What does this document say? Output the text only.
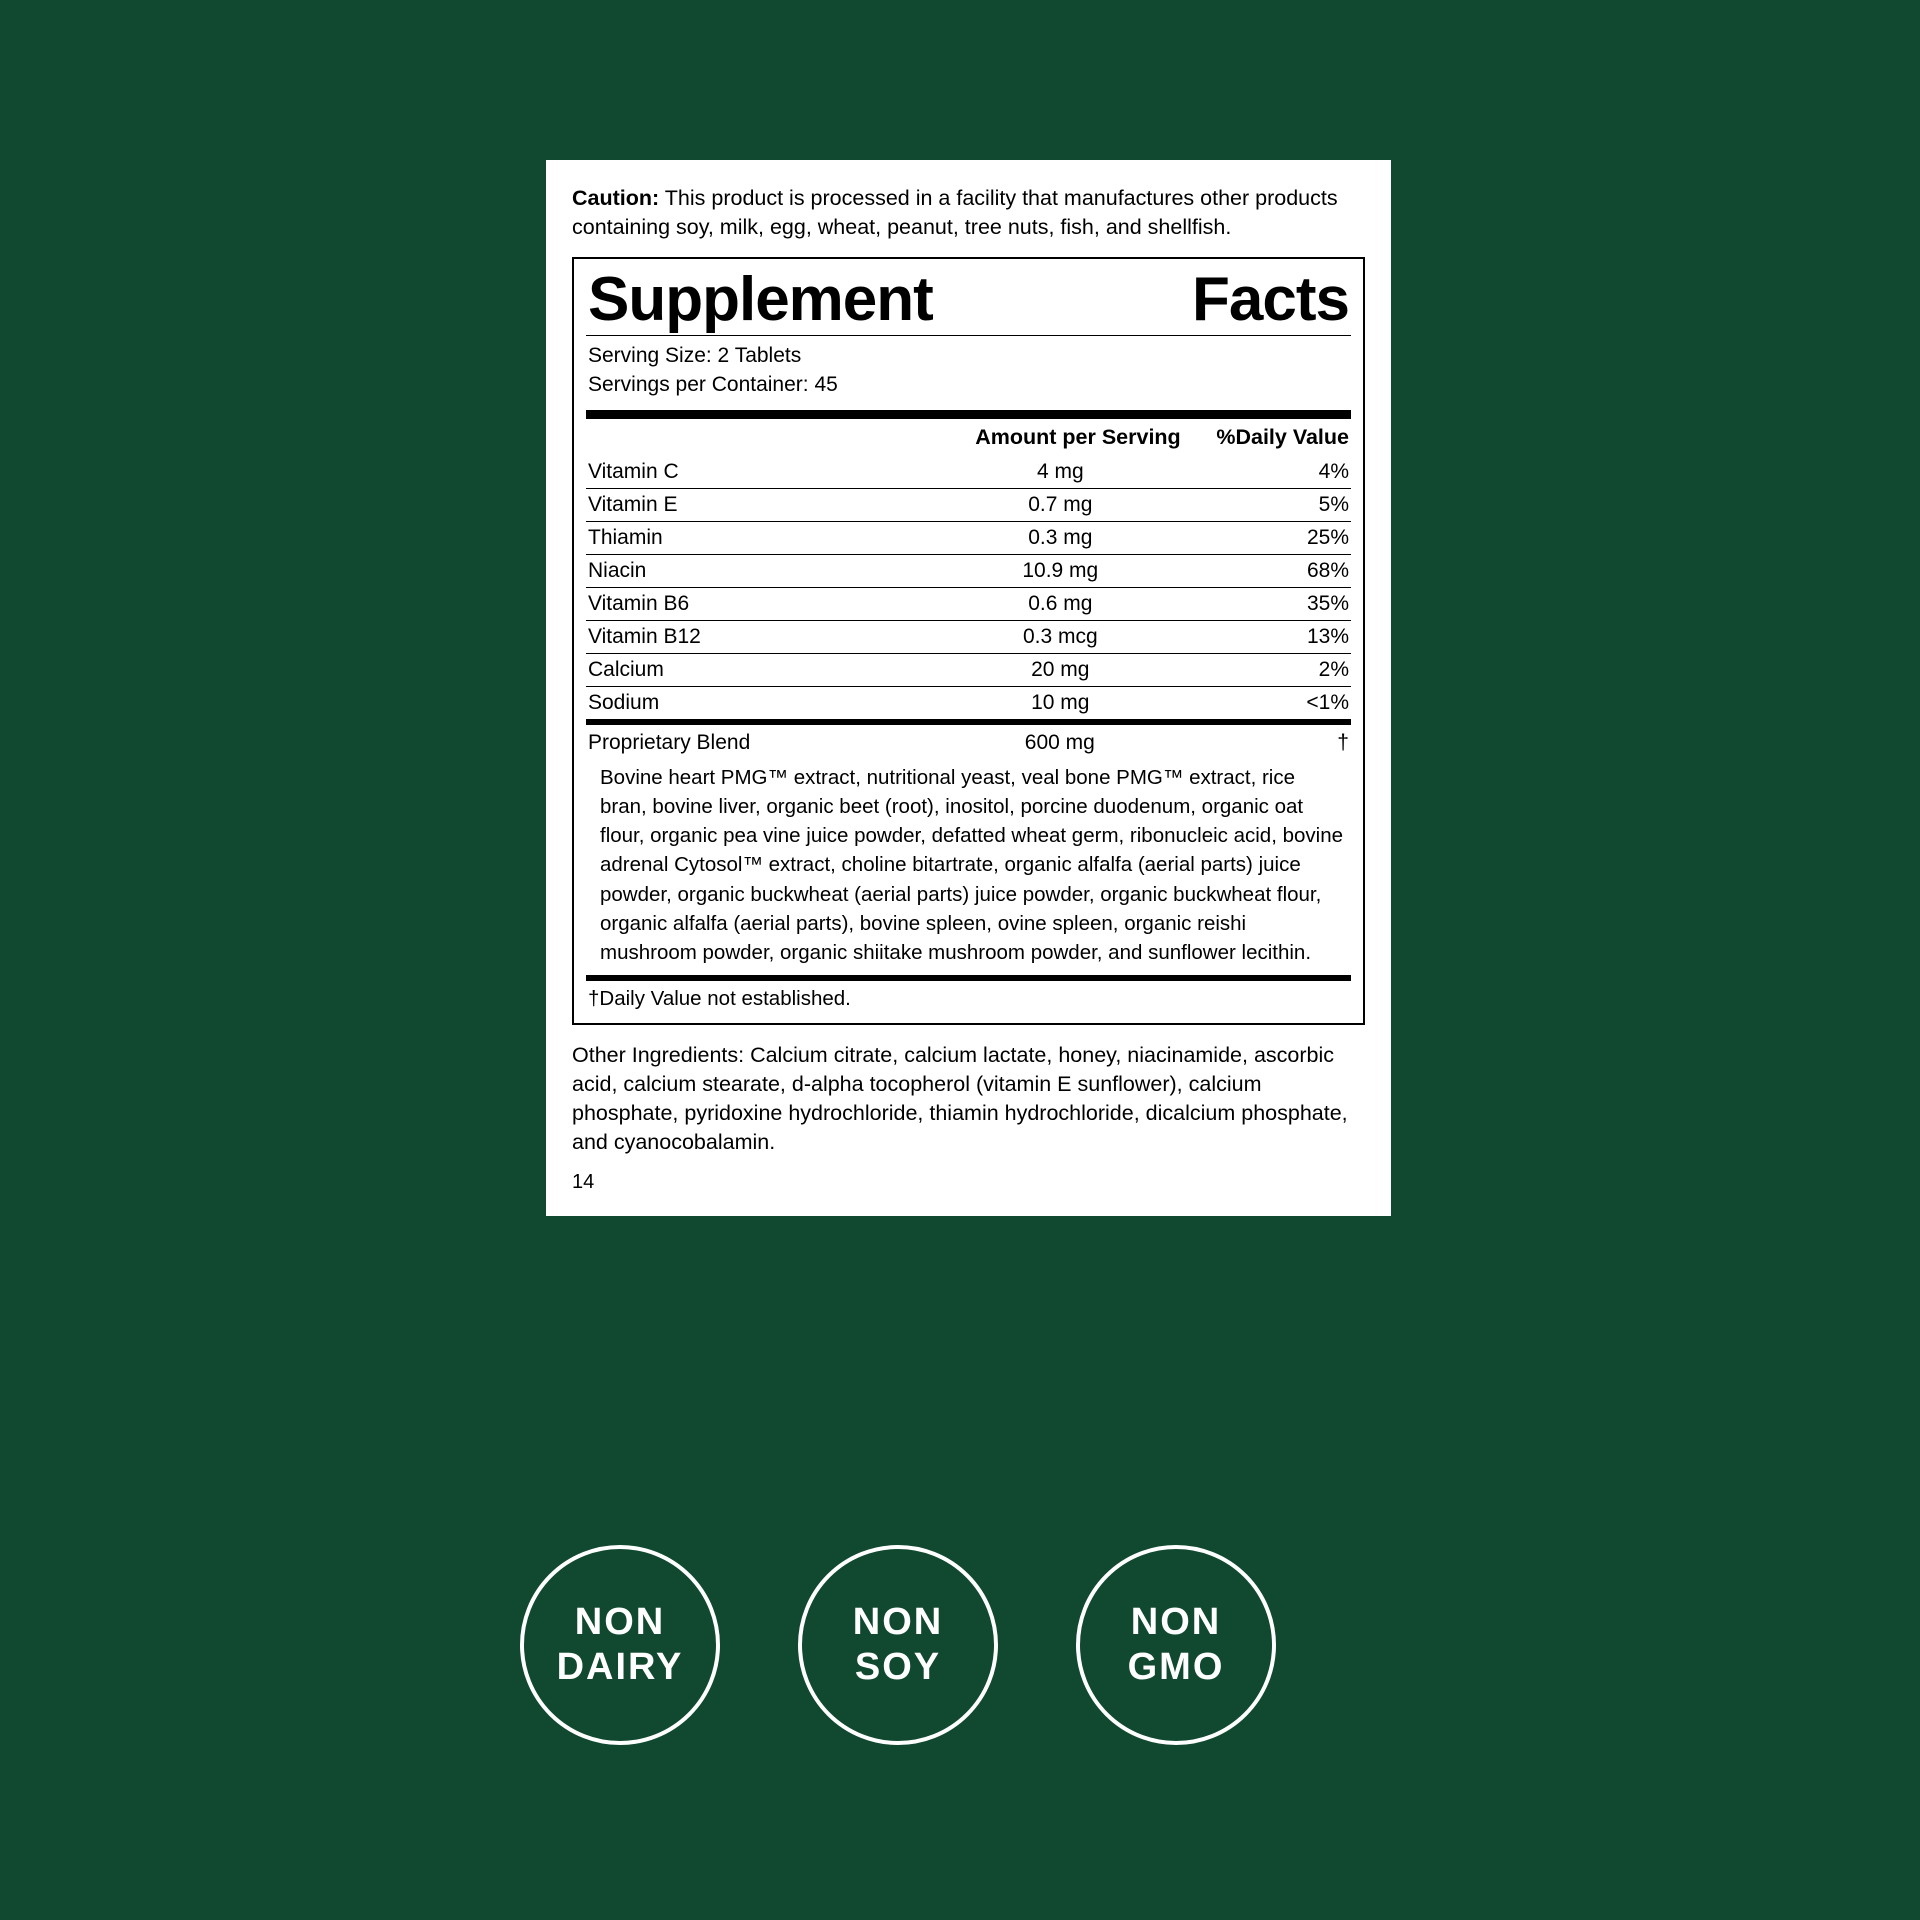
Caution: This product is processed in a facility that manufactures other products containing soy, milk, egg, wheat, peanut, tree nuts, fish, and shellfish.
Supplement	Facts
Serving Size: 2 Tablets
Servings per Container: 45
	Amount per Serving	%Daily Value
Vitamin C	4 mg	4%
Vitamin E	0.7 mg	5%
Thiamin	0.3 mg	25%
Niacin	10.9 mg	68%
Vitamin B6	0.6 mg	35%
Vitamin B12	0.3 mcg	13%
Calcium	20 mg	2%
Sodium	10 mg	<1%
Proprietary Blend	600 mg	†
Bovine heart PMG™ extract, nutritional yeast, veal bone PMG™ extract, rice bran, bovine liver, organic beet (root), inositol, porcine duodenum, organic oat flour, organic pea vine juice powder, defatted wheat germ, ribonucleic acid, bovine adrenal Cytosol™ extract, choline bitartrate, organic alfalfa (aerial parts) juice powder, organic buckwheat (aerial parts) juice powder, organic buckwheat flour, organic alfalfa (aerial parts), bovine spleen, ovine spleen, organic reishi mushroom powder, organic shiitake mushroom powder, and sunflower lecithin.
†Daily Value not established.
Other Ingredients: Calcium citrate, calcium lactate, honey, niacinamide, ascorbic acid, calcium stearate, d-alpha tocopherol (vitamin E sunflower), calcium phosphate, pyridoxine hydrochloride, thiamin hydrochloride, dicalcium phosphate, and cyanocobalamin.
14
NON
DAIRY
NON
SOY
NON
GMO
